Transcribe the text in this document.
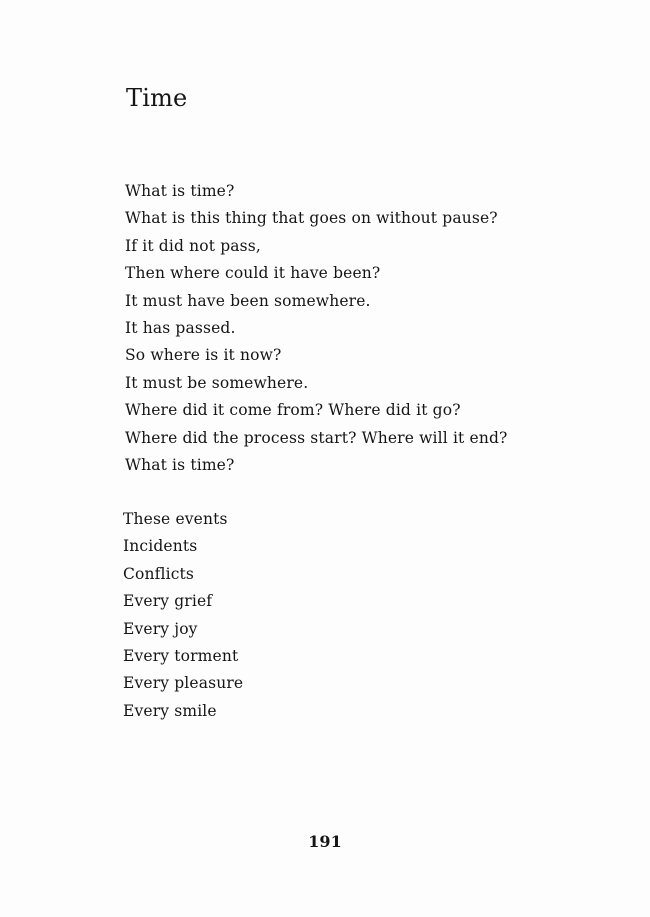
Time
What is time?
What is this thing that goes on without pause?
If it did not pass,
Then where could it have been?
It must have been somewhere.
It has passed.
So where is it now?
It must be somewhere.
Where did it come from? Where did it go?
Where did the process start? Where will it end?
What is time?
These events
Incidents
Conflicts
Every grief
Every joy
Every torment
Every pleasure
Every smile
191
